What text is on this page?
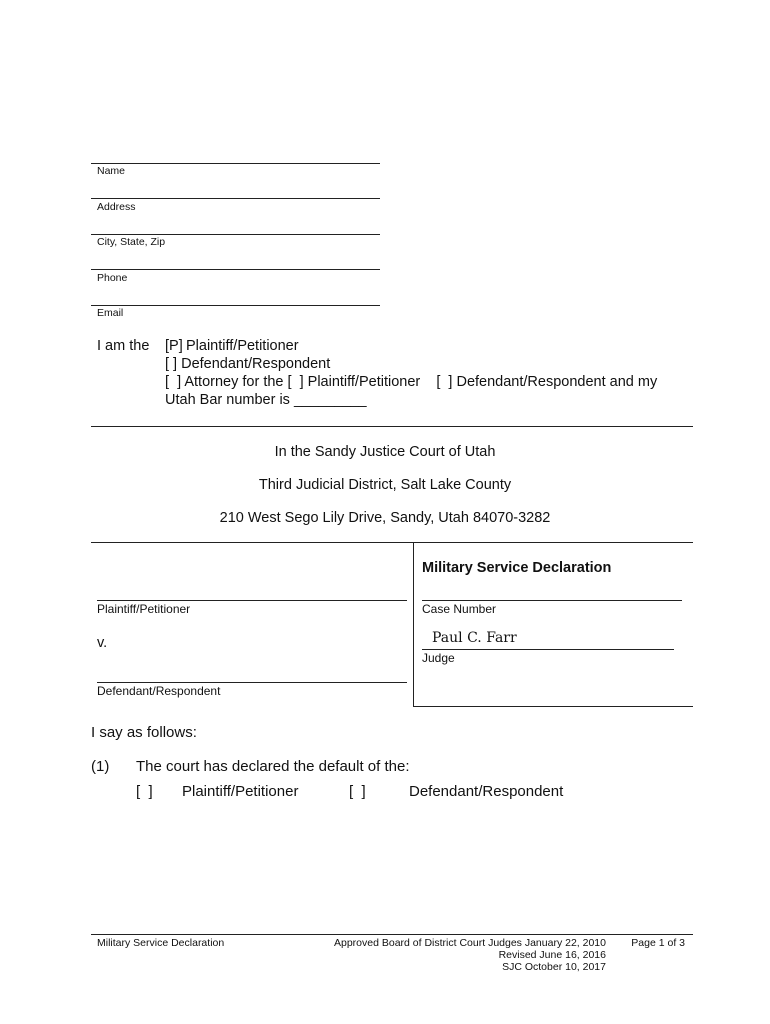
Name
Address
City, State, Zip
Phone
Email
I am the [P] Plaintiff/Petitioner
[ ] Defendant/Respondent
[  ] Attorney for the [  ] Plaintiff/Petitioner    [  ] Defendant/Respondent and my
Utah Bar number is _________
In the Sandy Justice Court of Utah
Third Judicial District, Salt Lake County
210 West Sego Lily Drive, Sandy, Utah 84070-3282
Military Service Declaration
Plaintiff/Petitioner	Case Number
v.	Paul C. Farr
Judge
Defendant/Respondent
I say as follows:
(1) The court has declared the default of the:
[  ] Plaintiff/Petitioner	[  ]	Defendant/Respondent
Military Service Declaration	Approved Board of District Court Judges January 22, 2010
Revised June 16, 2016
SJC October 10, 2017
Page 1 of 3
